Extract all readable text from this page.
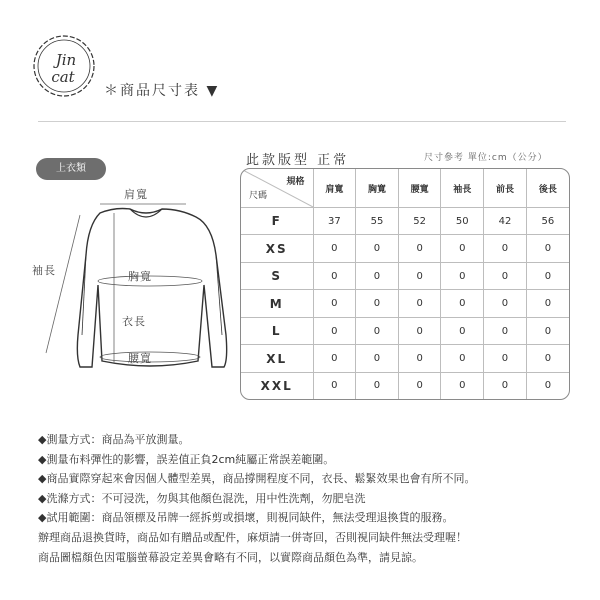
Jin
cat
＊商品尺寸表 ▼
上衣類
肩寬
袖長	胸寬
衣長
腰寬
此款版型 正常	尺寸參考 單位:cm（公分）
規格
尺碼	肩寬	胸寬	腰寬	袖長	前長	後長
F	37	55	52	50	42	56
XS	0	0	0	0	0	0
S	0	0	0	0	0	0
M	0	0	0	0	0	0
L	0	0	0	0	0	0
XL	0	0	0	0	0	0
XXL	0	0	0	0	0	0
◆測量方式：商品為平放測量。
◆測量布料彈性的影響，誤差值正負2cm純屬正常誤差範圍。
◆商品實際穿起來會因個人體型差異，商品撐開程度不同，衣長、鬆緊效果也會有所不同。
◆洗滌方式：不可浸洗，勿與其他顏色混洗，用中性洗劑，勿肥皂洗
◆試用範圍：商品領標及吊牌一經拆剪或損壞，則視同缺件，無法受理退換貨的服務。
辦理商品退換貨時，商品如有贈品或配件，麻煩請一併寄回，否則視同缺件無法受理喔！
商品圖檔顏色因電腦螢幕設定差異會略有不同，以實際商品顏色為準，請見諒。
